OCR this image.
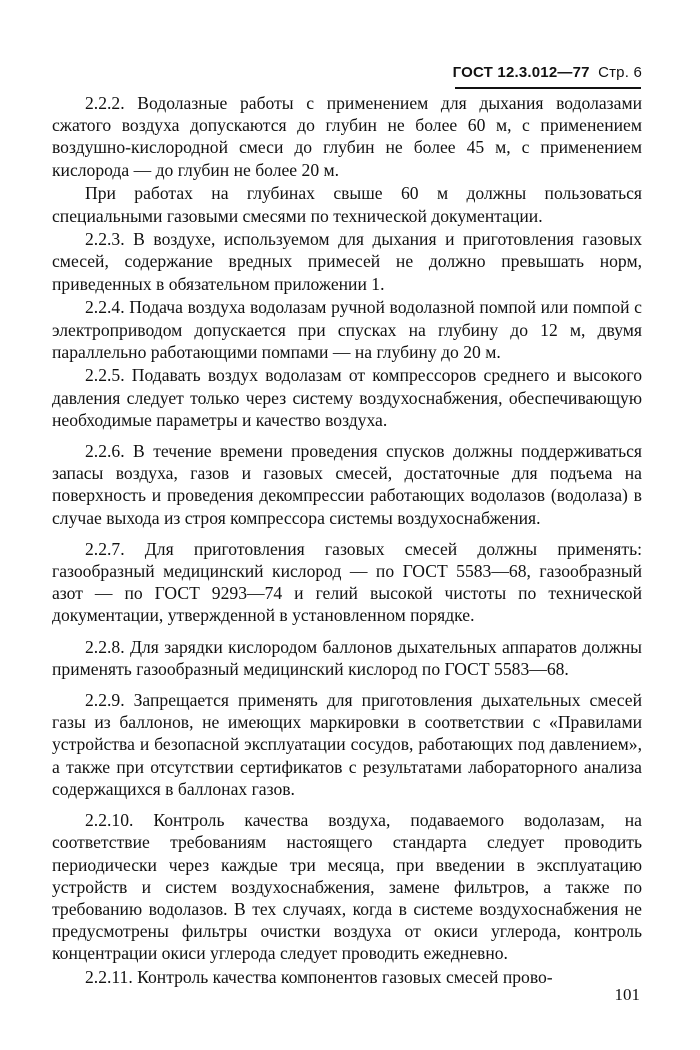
ГОСТ 12.3.012—77 Стр. 6

2.2.2. Водолазные работы с применением для дыхания водолазами сжатого воздуха допускаются до глубин не более 60 м, с применением воздушно-кислородной смеси до глубин не более 45 м, с применением кислорода — до глубин не более 20 м.

При работах на глубинах свыше 60 м должны пользоваться специальными газовыми смесями по технической документации.

2.2.3. В воздухе, используемом для дыхания и приготовления газовых смесей, содержание вредных примесей не должно превышать норм, приведенных в обязательном приложении 1.

2.2.4. Подача воздуха водолазам ручной водолазной помпой или помпой с электроприводом допускается при спусках на глубину до 12 м, двумя параллельно работающими помпами — на глубину до 20 м.

2.2.5. Подавать воздух водолазам от компрессоров среднего и высокого давления следует только через систему воздухоснабжения, обеспечивающую необходимые параметры и качество воздуха.

2.2.6. В течение времени проведения спусков должны поддерживаться запасы воздуха, газов и газовых смесей, достаточные для подъема на поверхность и проведения декомпрессии работающих водолазов (водолаза) в случае выхода из строя компрессора системы воздухоснабжения.

2.2.7. Для приготовления газовых смесей должны применять: газообразный медицинский кислород — по ГОСТ 5583—68, газообразный азот — по ГОСТ 9293—74 и гелий высокой чистоты по технической документации, утвержденной в установленном порядке.

2.2.8. Для зарядки кислородом баллонов дыхательных аппаратов должны применять газообразный медицинский кислород по ГОСТ 5583—68.

2.2.9. Запрещается применять для приготовления дыхательных смесей газы из баллонов, не имеющих маркировки в соответствии с «Правилами устройства и безопасной эксплуатации сосудов, работающих под давлением», а также при отсутствии сертификатов с результатами лабораторного анализа содержащихся в баллонах газов.

2.2.10. Контроль качества воздуха, подаваемого водолазам, на соответствие требованиям настоящего стандарта следует проводить периодически через каждые три месяца, при введении в эксплуатацию устройств и систем воздухоснабжения, замене фильтров, а также по требованию водолазов. В тех случаях, когда в системе воздухоснабжения не предусмотрены фильтры очистки воздуха от окиси углерода, контроль концентрации окиси углерода следует проводить ежедневно.

2.2.11. Контроль качества компонентов газовых смесей прово-

101
